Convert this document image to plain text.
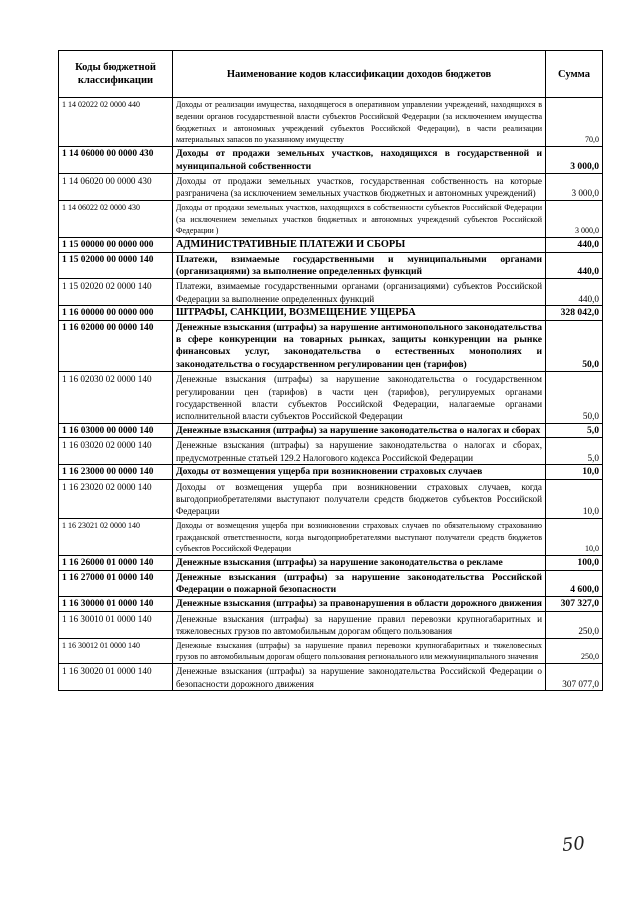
Коды бюджетной классификации	Наименование кодов классификации доходов бюджетов	Сумма
1 14 02022 02 0000 440	Доходы от реализации имущества, находящегося в оперативном управлении учреждений, находящихся в ведении органов государственной власти субъектов Российской Федерации (за исключением имущества бюджетных и автономных учреждений субъектов Российской Федерации), в части реализации материальных запасов по указанному имуществу	70,0
1 14 06000 00 0000 430	Доходы от продажи земельных участков, находящихся в государственной и муниципальной собственности	3 000,0
1 14 06020 00 0000 430	Доходы от продажи земельных участков, государственная собственность на которые разграничена (за исключением земельных участков бюджетных и автономных учреждений)	3 000,0
1 14 06022 02 0000 430	Доходы от продажи земельных участков, находящихся в собственности субъектов Российской Федерации (за исключением земельных участков бюджетных и автономных учреждений субъектов Российской Федерации )	3 000,0
1 15 00000 00 0000 000	АДМИНИСТРАТИВНЫЕ ПЛАТЕЖИ И СБОРЫ	440,0
1 15 02000 00 0000 140	Платежи, взимаемые государственными и муниципальными органами (организациями) за выполнение определенных функций	440,0
1 15 02020 02 0000 140	Платежи, взимаемые государственными органами (организациями) субъектов Российской Федерации за выполнение определенных функций	440,0
1 16 00000 00 0000 000	ШТРАФЫ, САНКЦИИ, ВОЗМЕЩЕНИЕ УЩЕРБА	328 042,0
1 16 02000 00 0000 140	Денежные взыскания (штрафы) за нарушение антимонопольного законодательства в сфере конкуренции на товарных рынках, защиты конкуренции на рынке финансовых услуг, законодательства о естественных монополиях и законодательства о государственном регулировании цен (тарифов)	50,0
1 16 02030 02 0000 140	Денежные взыскания (штрафы) за нарушение законодательства о государственном регулировании цен (тарифов) в части цен (тарифов), регулируемых органами государственной власти субъектов Российской Федерации, налагаемые органами исполнительной власти субъектов Российской Федерации	50,0
1 16 03000 00 0000 140	Денежные взыскания (штрафы) за нарушение законодательства о налогах и сборах	5,0
1 16 03020 02 0000 140	Денежные взыскания (штрафы) за нарушение законодательства о налогах и сборах, предусмотренные статьей 129.2 Налогового кодекса Российской Федерации	5,0
1 16 23000 00 0000 140	Доходы от возмещения ущерба при возникновении страховых случаев	10,0
1 16 23020 02 0000 140	Доходы от возмещения ущерба при возникновении страховых случаев, когда выгодоприобретателями выступают получатели средств бюджетов субъектов Российской Федерации	10,0
1 16 23021 02 0000 140	Доходы от возмещения ущерба при возникновении страховых случаев по обязательному страхованию гражданской ответственности, когда выгодоприобретателями выступают получатели средств бюджетов субъектов Российской Федерации	10,0
1 16 26000 01 0000 140	Денежные взыскания (штрафы) за нарушение законодательства о рекламе	100,0
1 16 27000 01 0000 140	Денежные взыскания (штрафы) за нарушение законодательства Российской Федерации о пожарной безопасности	4 600,0
1 16 30000 01 0000 140	Денежные взыскания (штрафы) за правонарушения в области дорожного движения	307 327,0
1 16 30010 01 0000 140	Денежные взыскания (штрафы) за нарушение правил перевозки крупногабаритных и тяжеловесных грузов по автомобильным дорогам общего пользования	250,0
1 16 30012 01 0000 140	Денежные взыскания (штрафы) за нарушение правил перевозки крупногабаритных и тяжеловесных грузов по автомобильным дорогам общего пользования регионального или межмуниципального значения	250,0
1 16 30020 01 0000 140	Денежные взыскания (штрафы) за нарушение законодательства Российской Федерации о безопасности дорожного движения	307 077,0
50
